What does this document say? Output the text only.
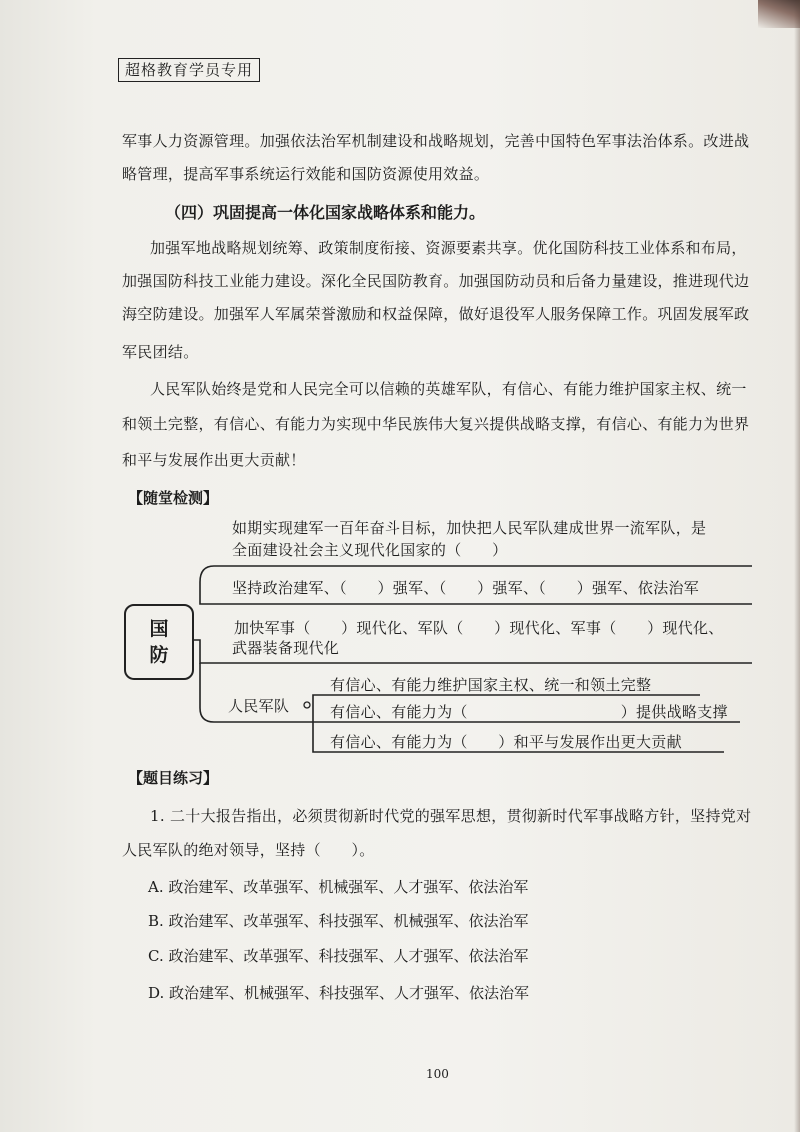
超格教育学员专用
军事人力资源管理。加强依法治军机制建设和战略规划，完善中国特色军事法治体系。改进战
略管理，提高军事系统运行效能和国防资源使用效益。
（四）巩固提高一体化国家战略体系和能力。
加强军地战略规划统筹、政策制度衔接、资源要素共享。优化国防科技工业体系和布局，
加强国防科技工业能力建设。深化全民国防教育。加强国防动员和后备力量建设，推进现代边
海空防建设。加强军人军属荣誉激励和权益保障，做好退役军人服务保障工作。巩固发展军政
军民团结。
人民军队始终是党和人民完全可以信赖的英雄军队，有信心、有能力维护国家主权、统一
和领土完整，有信心、有能力为实现中华民族伟大复兴提供战略支撑，有信心、有能力为世界
和平与发展作出更大贡献！
【随堂检测】
国
防
如期实现建军一百年奋斗目标，加快把人民军队建成世界一流军队，是
全面建设社会主义现代化国家的（　　）
坚持政治建军、（　　）强军、（　　）强军、（　　）强军、依法治军
加快军事（　　）现代化、军队（　　）现代化、军事（　　）现代化、
武器装备现代化
人民军队
有信心、有能力维护国家主权、统一和领土完整
有信心、有能力为（　　　　　　　　　　）提供战略支撑
有信心、有能力为（　　）和平与发展作出更大贡献
【题目练习】
1. 二十大报告指出，必须贯彻新时代党的强军思想，贯彻新时代军事战略方针，坚持党对
人民军队的绝对领导，坚持（　　）。
A. 政治建军、改革强军、机械强军、人才强军、依法治军
B. 政治建军、改革强军、科技强军、机械强军、依法治军
C. 政治建军、改革强军、科技强军、人才强军、依法治军
D. 政治建军、机械强军、科技强军、人才强军、依法治军
100
